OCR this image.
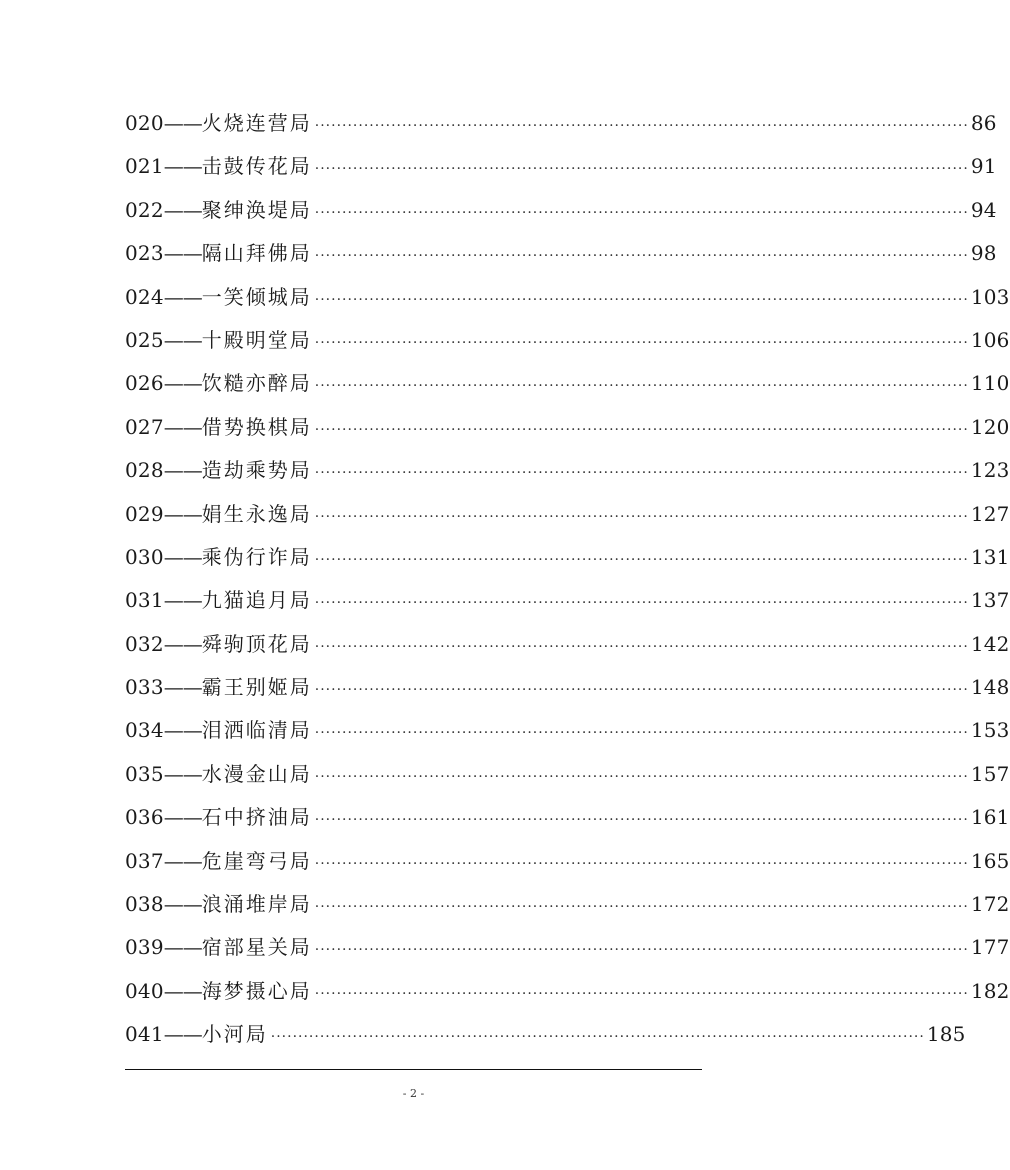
020 —— 火烧连营局 ························································································································ 86
021 —— 击鼓传花局 ························································································································ 91
022 —— 聚绅涣堤局 ························································································································ 94
023 —— 隔山拜佛局 ························································································································ 98
024 —— 一笑倾城局 ························································································································ 103
025 —— 十殿明堂局 ························································································································ 106
026 —— 饮糙亦醉局 ························································································································ 110
027 —— 借势换棋局 ························································································································ 120
028 —— 造劫乘势局 ························································································································ 123
029 —— 娟生永逸局 ························································································································ 127
030 —— 乘伪行诈局 ························································································································ 131
031 —— 九猫追月局 ························································································································ 137
032 —— 舜驹顶花局 ························································································································ 142
033 —— 霸王别姬局 ························································································································ 148
034 —— 泪洒临清局 ························································································································ 153
035 —— 水漫金山局 ························································································································ 157
036 —— 石中挤油局 ························································································································ 161
037 —— 危崖弯弓局 ························································································································ 165
038 —— 浪涌堆岸局 ························································································································ 172
039 —— 宿部星关局 ························································································································ 177
040 —— 海梦摄心局 ························································································································ 182
041 —— 小河局 ························································································································ 185
- 2 -
